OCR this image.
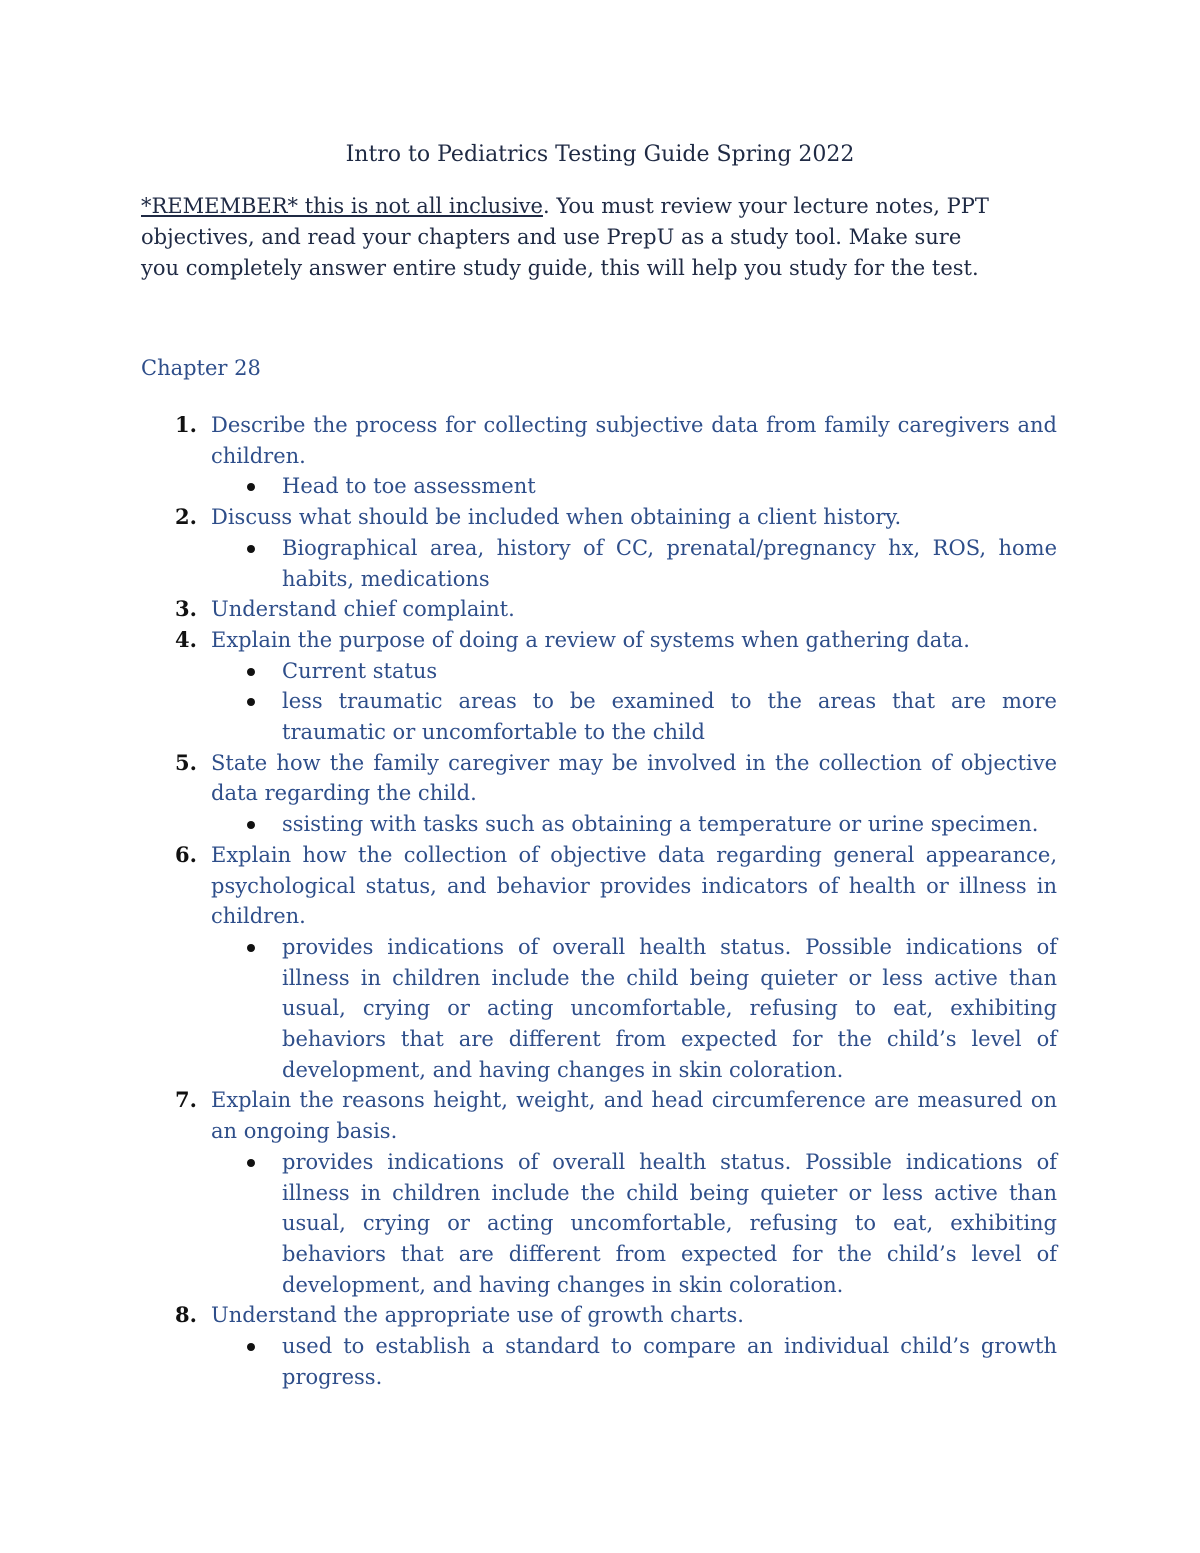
Intro to Pediatrics Testing Guide Spring 2022
*REMEMBER* this is not all inclusive. You must review your lecture notes, PPT objectives, and read your chapters and use PrepU as a study tool. Make sure you completely answer entire study guide, this will help you study for the test.
Chapter 28
1. Describe the process for collecting subjective data from family caregivers and children.
Head to toe assessment
2. Discuss what should be included when obtaining a client history.
Biographical area, history of CC, prenatal/pregnancy hx, ROS, home habits, medications
3. Understand chief complaint.
4. Explain the purpose of doing a review of systems when gathering data.
Current status
less traumatic areas to be examined to the areas that are more traumatic or uncomfortable to the child
5. State how the family caregiver may be involved in the collection of objective data regarding the child.
ssisting with tasks such as obtaining a temperature or urine specimen.
6. Explain how the collection of objective data regarding general appearance, psychological status, and behavior provides indicators of health or illness in children.
provides indications of overall health status. Possible indications of illness in children include the child being quieter or less active than usual, crying or acting uncomfortable, refusing to eat, exhibiting behaviors that are different from expected for the child’s level of development, and having changes in skin coloration.
7. Explain the reasons height, weight, and head circumference are measured on an ongoing basis.
provides indications of overall health status. Possible indications of illness in children include the child being quieter or less active than usual, crying or acting uncomfortable, refusing to eat, exhibiting behaviors that are different from expected for the child’s level of development, and having changes in skin coloration.
8. Understand the appropriate use of growth charts.
used to establish a standard to compare an individual child’s growth progress.
